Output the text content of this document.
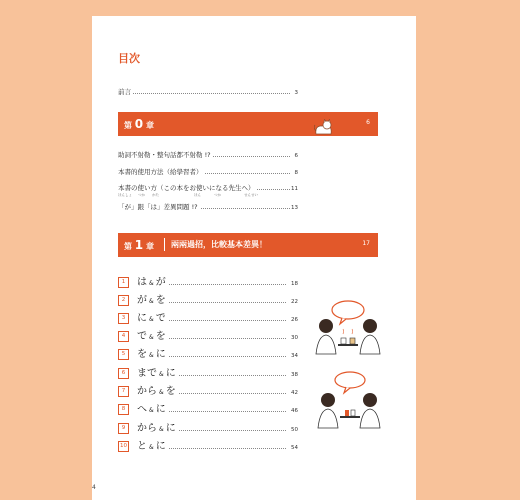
目次
前言	3
第 0 章	6
助詞不射勒・整句話都不射勒 !?	6
本書的使用方法（給學習者）	8
本書の使い方（この本をお使いになる先生へ）	11
ほんしょ つか かた	ほん	つか	せんせい
「が」跟「は」差異問題 !?	13
第 1 章 兩兩過招，比較基本差異！	17
1	は & が	18
2	が & を	22
3	に & で	26
4	で & を	30
5	を & に	34
6	まで & に	38
7	から & を	42
8	へ & に	46
9	から & に	50
10 と & に	54
4
